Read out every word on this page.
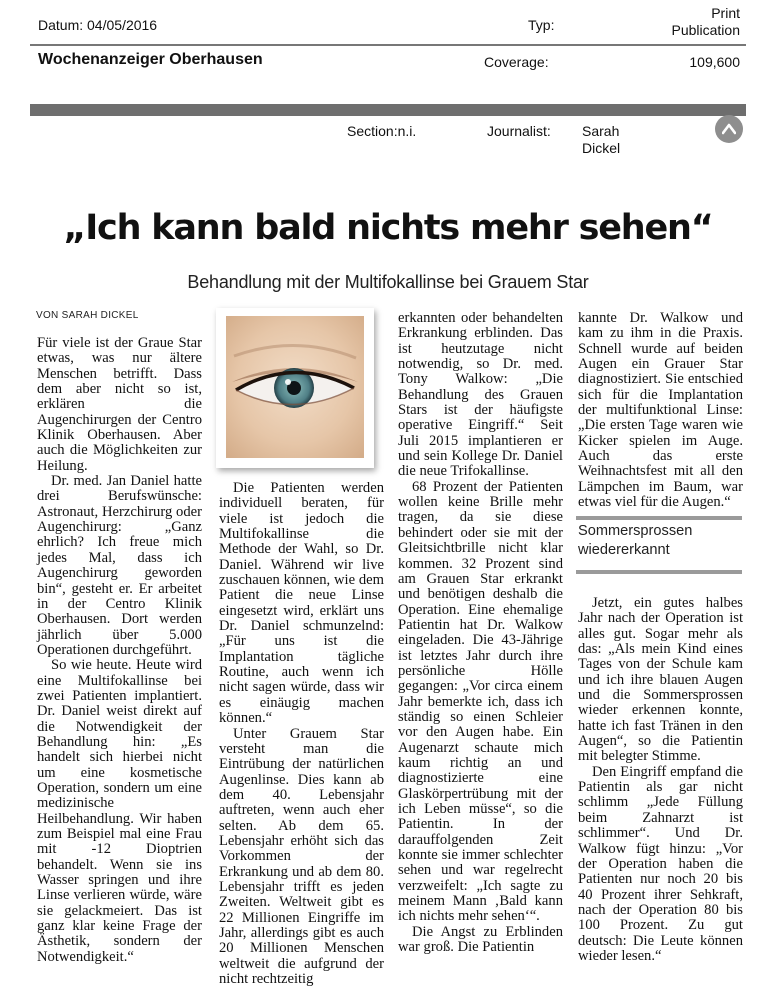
Datum: 04/05/2016	Typ:
Print
Publication
Wochenanzeiger Oberhausen	Coverage:	109,600
Section:n.i.	Journalist: Sarah
Dickel
„Ich kann bald nichts mehr sehen“
Behandlung mit der Multifokallinse bei Grauem Star
VON SARAH DICKEL

Für viele ist der Graue Star etwas, was nur ältere Menschen betrifft. Dass dem aber nicht so ist, erklären die Augenchirurgen der Centro Klinik Oberhausen. Aber auch die Möglichkeiten zur Heilung.

Dr. med. Jan Daniel hatte drei Berufswünsche: Astronaut, Herzchirurg oder Augenchirurg: „Ganz ehrlich? Ich freue mich jedes Mal, dass ich Augenchirurg geworden bin“, gesteht er. Er arbeitet in der Centro Klinik Oberhausen. Dort werden jährlich über 5.000 Operationen durchgeführt.

So wie heute. Heute wird eine Multifokallinse bei zwei Patienten implantiert. Dr. Daniel weist direkt auf die Notwendigkeit der Behandlung hin: „Es handelt sich hierbei nicht um eine kosmetische Operation, sondern um eine medizinische Heilbehandlung. Wir haben zum Beispiel mal eine Frau mit -12 Dioptrien behandelt. Wenn sie ins Wasser springen und ihre Linse verlieren würde, wäre sie gelackmeiert. Das ist ganz klar keine Frage der Ästhetik, sondern der Notwendigkeit.“

Die Patienten werden individuell beraten, für viele ist jedoch die Multifokallinse die Methode der Wahl, so Dr. Daniel. Während wir live zuschauen können, wie dem Patient die neue Linse eingesetzt wird, erklärt uns Dr. Daniel schmunzelnd: „Für uns ist die Implantation tägliche Routine, auch wenn ich nicht sagen würde, dass wir es einäugig machen können.“

Unter Grauem Star versteht man die Eintrübung der natürlichen Augenlinse. Dies kann ab dem 40. Lebensjahr auftreten, wenn auch eher selten. Ab dem 65. Lebensjahr erhöht sich das Vorkommen der Erkrankung und ab dem 80. Lebensjahr trifft es jeden Zweiten. Weltweit gibt es 22 Millionen Eingriffe im Jahr, allerdings gibt es auch 20 Millionen Menschen weltweit die aufgrund der nicht rechtzeitig

erkannten oder behandelten Erkrankung erblinden. Das ist heutzutage nicht notwendig, so Dr. med. Tony Walkow: „Die Behandlung des Grauen Stars ist der häufigste operative Eingriff.“ Seit Juli 2015 implantieren er und sein Kollege Dr. Daniel die neue Trifokallinse.

68 Prozent der Patienten wollen keine Brille mehr tragen, da sie diese behindert oder sie mit der Gleitsichtbrille nicht klar kommen. 32 Prozent sind am Grauen Star erkrankt und benötigen deshalb die Operation. Eine ehemalige Patientin hat Dr. Walkow eingeladen. Die 43-Jährige ist letztes Jahr durch ihre persönliche Hölle gegangen: „Vor circa einem Jahr bemerkte ich, dass ich ständig so einen Schleier vor den Augen habe. Ein Augenarzt schaute mich kaum richtig an und diagnostizierte eine Glaskörpertrübung mit der ich Leben müsse“, so die Patientin. In der darauffolgenden Zeit konnte sie immer schlechter sehen und war regelrecht verzweifelt: „Ich sagte zu meinem Mann ‚Bald kann ich nichts mehr sehen‘“.

Die Angst zu Erblinden war groß. Die Patientin

kannte Dr. Walkow und kam zu ihm in die Praxis. Schnell wurde auf beiden Augen ein Grauer Star diagnostiziert. Sie entschied sich für die Implantation der multifunktional Linse: „Die ersten Tage waren wie Kicker spielen im Auge. Auch das erste Weihnachtsfest mit all den Lämpchen im Baum, war etwas viel für die Augen.“

Sommersprossen
wiedererkannt

Jetzt, ein gutes halbes Jahr nach der Operation ist alles gut. Sogar mehr als das: „Als mein Kind eines Tages von der Schule kam und ich ihre blauen Augen und die Sommersprossen wieder erkennen konnte, hatte ich fast Tränen in den Augen“, so die Patientin mit belegter Stimme.

Den Eingriff empfand die Patientin als gar nicht schlimm „Jede Füllung beim Zahnarzt ist schlimmer“. Und Dr. Walkow fügt hinzu: „Vor der Operation haben die Patienten nur noch 20 bis 40 Prozent ihrer Sehkraft, nach der Operation 80 bis 100 Prozent. Zu gut deutsch: Die Leute können wieder lesen.“
